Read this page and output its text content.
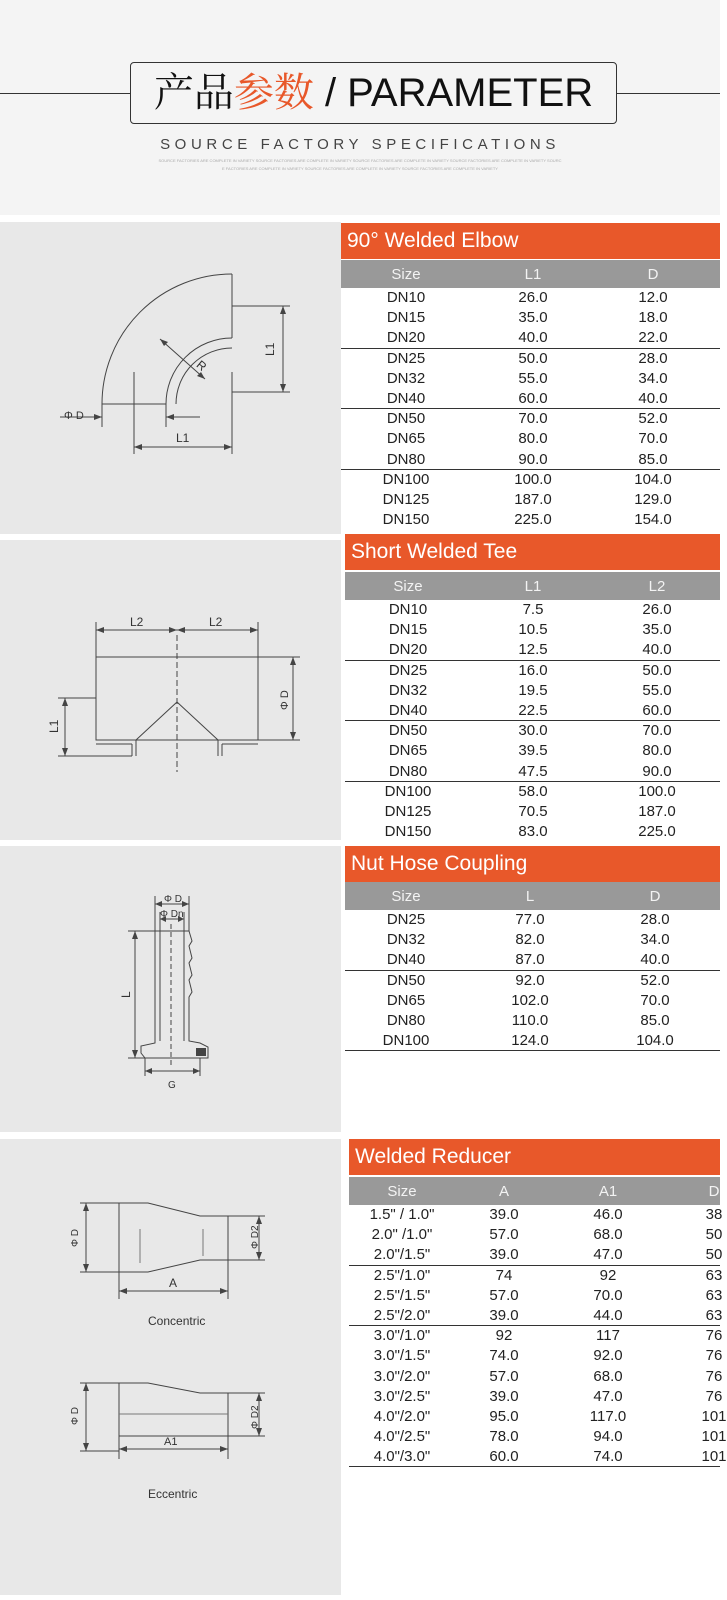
产品参数 / PARAMETER
SOURCE FACTORY SPECIFICATIONS
SOURCE FACTORIES ARE COMPLETE IN VARIETY SOURCE FACTORIES ARE COMPLETE IN VARIETY SOURCE FACTORIES ARE COMPLETE IN VARIETY SOURCE FACTORIES ARE COMPLETE IN VARIETY SOURC
E FACTORIES ARE COMPLETE IN VARIETY SOURCE FACTORIES ARE COMPLETE IN VARIETY SOURCE FACTORIES ARE COMPLETE IN VARIETY
Φ D
R
L1
L1
90° Welded Elbow
Size	L1	D
DN10	26.0	12.0
DN15	35.0	18.0
DN20	40.0	22.0
DN25	50.0	28.0
DN32	55.0	34.0
DN40	60.0	40.0
DN50	70.0	52.0
DN65	80.0	70.0
DN80	90.0	85.0
DN100	100.0	104.0
DN125	187.0	129.0
DN150	225.0	154.0
L2	L2
Φ D
L1
Short Welded Tee
Size	L1	L2
DN10	7.5	26.0
DN15	10.5	35.0
DN20	12.5	40.0
DN25	16.0	50.0
DN32	19.5	55.0
DN40	22.5	60.0
DN50	30.0	70.0
DN65	39.5	80.0
DN80	47.5	90.0
DN100	58.0	100.0
DN125	70.5	187.0
DN150	83.0	225.0
Φ D
Φ Dn
L
G
Nut Hose Coupling
Size	L	D
DN25	77.0	28.0
DN32	82.0	34.0
DN40	87.0	40.0
DN50	92.0	52.0
DN65	102.0	70.0
DN80	110.0	85.0
DN100	124.0	104.0
Φ D	Φ D2
A
Concentric
Φ D	Φ D2
A1
Eccentric
Welded Reducer
Size	A	A1	D
1.5" / 1.0"	39.0	46.0	38
2.0" /1.0"	57.0	68.0	50
2.0"/1.5"	39.0	47.0	50
2.5"/1.0"	74	92	63
2.5"/1.5"	57.0	70.0	63
2.5"/2.0"	39.0	44.0	63
3.0"/1.0"	92	117	76
3.0"/1.5"	74.0	92.0	76
3.0"/2.0"	57.0	68.0	76
3.0"/2.5"	39.0	47.0	76
4.0"/2.0"	95.0	117.0	101
4.0"/2.5"	78.0	94.0	101
4.0"/3.0"	60.0	74.0	101
